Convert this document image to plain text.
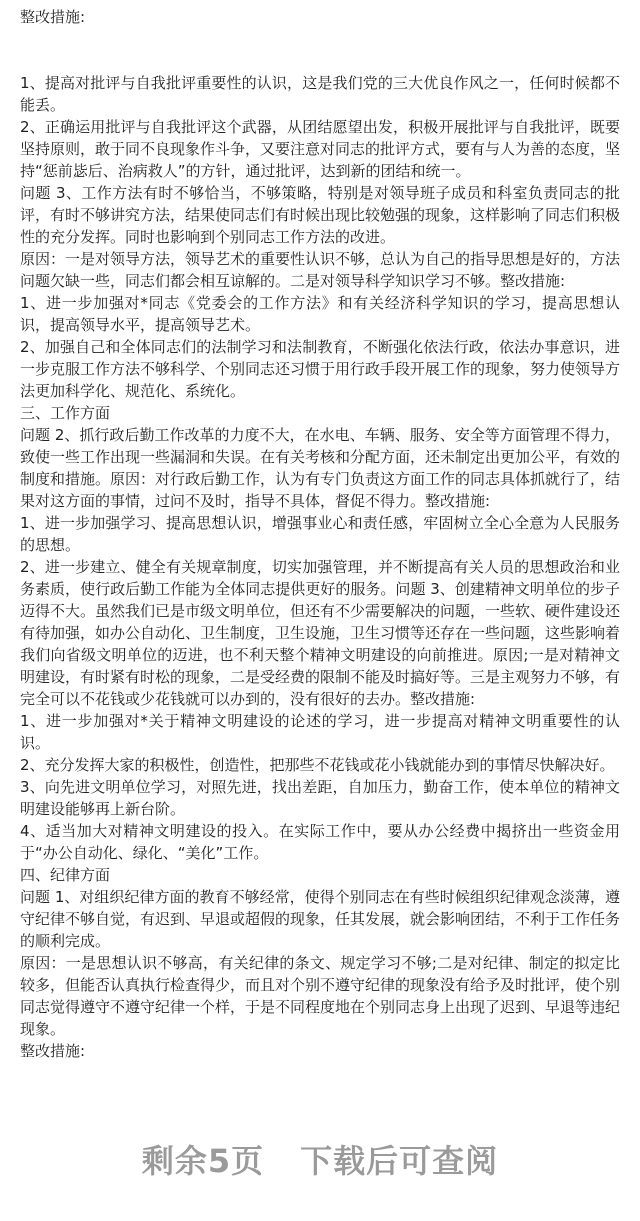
整改措施:

1、提高对批评与自我批评重要性的认识，这是我们党的三大优良作风之一，任何时候都不能丢。

2、正确运用批评与自我批评这个武器，从团结愿望出发，积极开展批评与自我批评，既要坚持原则，敢于同不良现象作斗争，又要注意对同志的批评方式，要有与人为善的态度，坚持“惩前毖后、治病救人”的方针，通过批评，达到新的团结和统一。

问题 3、工作方法有时不够恰当，不够策略，特别是对领导班子成员和科室负责同志的批评，有时不够讲究方法，结果使同志们有时候出现比较勉强的现象，这样影响了同志们积极性的充分发挥。同时也影响到个别同志工作方法的改进。

原因：一是对领导方法，领导艺术的重要性认识不够，总认为自己的指导思想是好的，方法问题欠缺一些，同志们都会相互谅解的。二是对领导科学知识学习不够。整改措施:

1、进一步加强对*同志《党委会的工作方法》和有关经济科学知识的学习，提高思想认识，提高领导水平，提高领导艺术。

2、加强自己和全体同志们的法制学习和法制教育，不断强化依法行政，依法办事意识，进一步克服工作方法不够科学、个别同志还习惯于用行政手段开展工作的现象，努力使领导方法更加科学化、规范化、系统化。

三、工作方面

问题 2、抓行政后勤工作改革的力度不大，在水电、车辆、服务、安全等方面管理不得力，致使一些工作出现一些漏洞和失误。在有关考核和分配方面，还未制定出更加公平，有效的制度和措施。原因：对行政后勤工作，认为有专门负责这方面工作的同志具体抓就行了，结果对这方面的事情，过问不及时，指导不具体，督促不得力。整改措施:

1、进一步加强学习、提高思想认识，增强事业心和责任感，牢固树立全心全意为人民服务的思想。

2、进一步建立、健全有关规章制度，切实加强管理，并不断提高有关人员的思想政治和业务素质，使行政后勤工作能为全体同志提供更好的服务。问题 3、创建精神文明单位的步子迈得不大。虽然我们已是市级文明单位，但还有不少需要解决的问题，一些软、硬件建设还有待加强，如办公自动化、卫生制度，卫生设施，卫生习惯等还存在一些问题，这些影响着我们向省级文明单位的迈进，也不利天整个精神文明建设的向前推进。原因;一是对精神文明建设，有时紧有时松的现象，二是受经费的限制不能及时搞好等。三是主观努力不够，有完全可以不花钱或少花钱就可以办到的，没有很好的去办。整改措施:

1、进一步加强对*关于精神文明建设的论述的学习，进一步提高对精神文明重要性的认识。

2、充分发挥大家的积极性，创造性，把那些不花钱或花小钱就能办到的事情尽快解决好。

3、向先进文明单位学习，对照先进，找出差距，自加压力，勤奋工作，使本单位的精神文明建设能够再上新台阶。

4、适当加大对精神文明建设的投入。在实际工作中，要从办公经费中揭挤出一些资金用于“办公自动化、绿化、“美化”工作。

四、纪律方面

问题 1、对组织纪律方面的教育不够经常，使得个别同志在有些时候组织纪律观念淡薄，遵守纪律不够自觉，有迟到、早退或超假的现象，任其发展，就会影响团结，不利于工作任务的顺利完成。

原因：一是思想认识不够高，有关纪律的条文、规定学习不够;二是对纪律、制定的拟定比较多，但能否认真执行检查得少，而且对个别不遵守纪律的现象没有给予及时批评，使个别同志觉得遵守不遵守纪律一个样，于是不同程度地在个别同志身上出现了迟到、早退等违纪现象。

整改措施:

剩余5页 下载后可查阅
